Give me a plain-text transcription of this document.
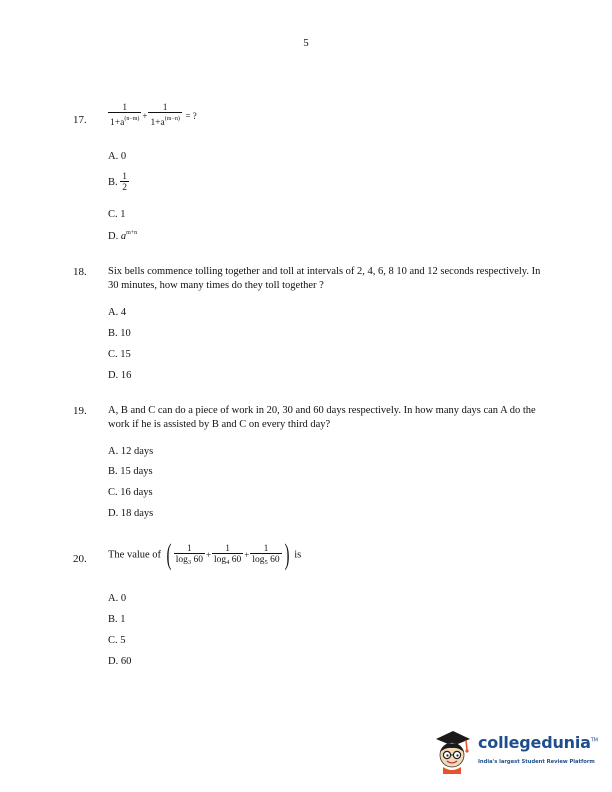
5
17. $\frac{1}{1+a^{(n-m)}} + \frac{1}{1+a^{(m-n)}}$ = ?
A. 0
B. $\frac{1}{2}$
C. 1
D. $a^{m+n}$
18. Six bells commence tolling together and toll at intervals of 2, 4, 6, 8 10 and 12 seconds respectively. In 30 minutes, how many times do they toll together ?
A. 4
B. 10
C. 15
D. 16
19. A, B and C can do a piece of work in 20, 30 and 60 days respectively. In how many days can A do the work if he is assisted by B and C on every third day?
A. 12 days
B. 15 days
C. 16 days
D. 18 days
20. The value of ( $\frac{1}{\log_3 60} + \frac{1}{\log_4 60} + \frac{1}{\log_5 60}$ ) is
A. 0
B. 1
C. 5
D. 60
collegedunia™
India's largest Student Review Platform
